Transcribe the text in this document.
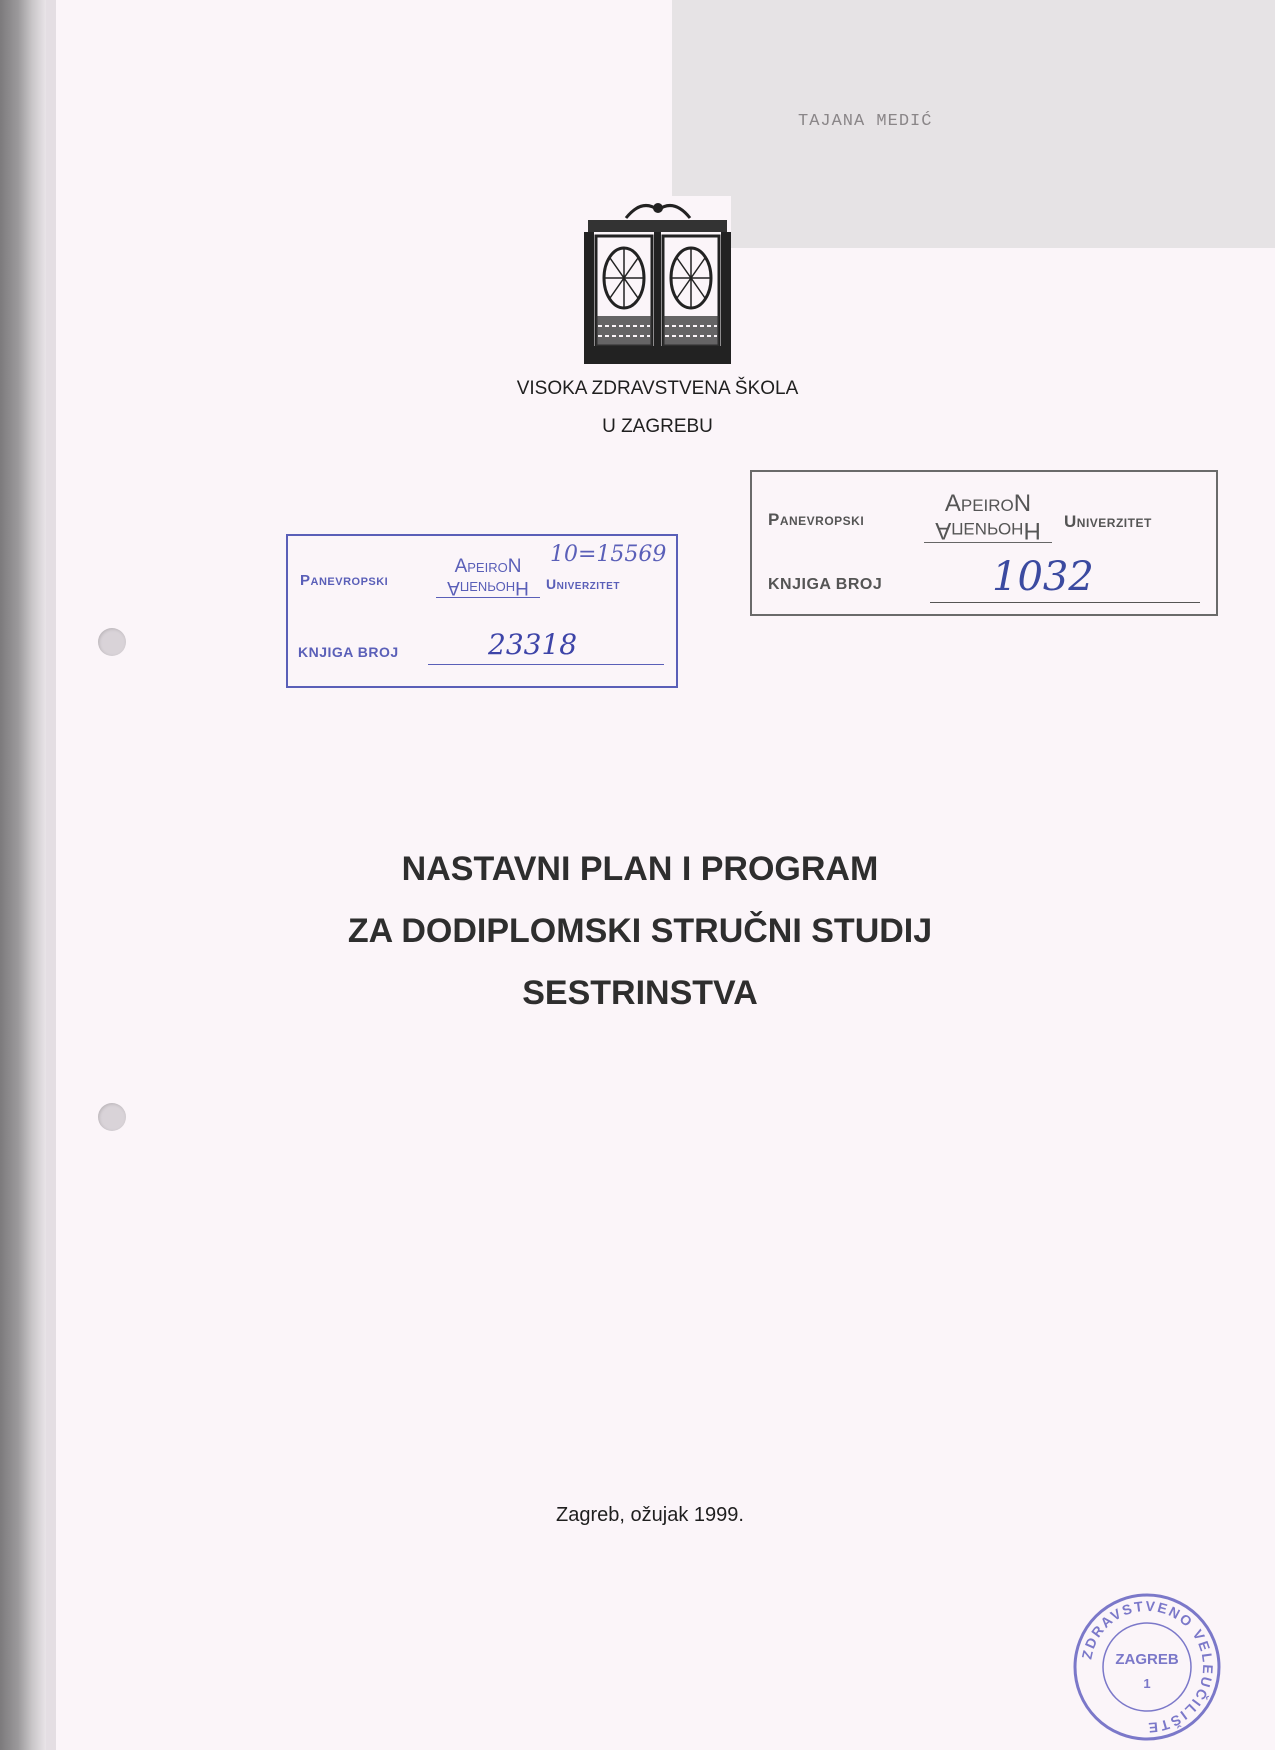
TAJANA MEDIĆ
VISOKA ZDRAVSTVENA ŠKOLA
U ZAGREBU
Panevropski
ApeiroN
АпеиронН	Univerzitet
10=15569
KNJIGA BROJ	23318
Panevropski
ApeiroN
АпеиронН	Univerzitet
KNJIGA BROJ	1032
NASTAVNI PLAN I PROGRAM
ZA DODIPLOMSKI STRUČNI STUDIJ
SESTRINSTVA
Zagreb, ožujak 1999.
ZDRAVSTVENO VELEUČILIŠTE
ZAGREB
1
